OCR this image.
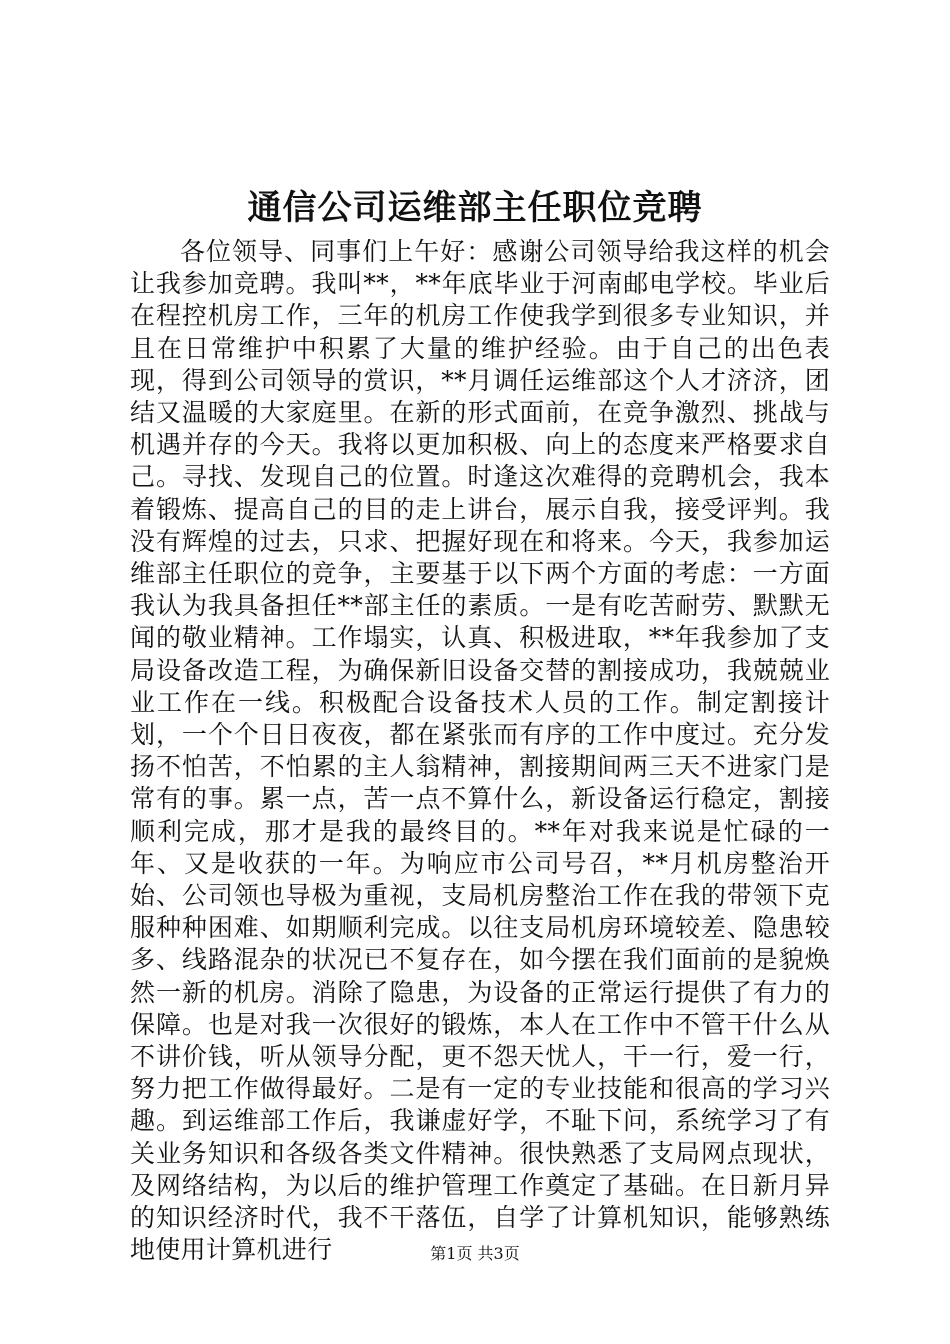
通信公司运维部主任职位竞聘

各位领导、同事们上午好：感谢公司领导给我这样的机会让我参加竞聘。我叫**，**年底毕业于河南邮电学校。毕业后在程控机房工作，三年的机房工作使我学到很多专业知识，并且在日常维护中积累了大量的维护经验。由于自己的出色表现，得到公司领导的赏识，**月调任运维部这个人才济济，团结又温暖的大家庭里。在新的形式面前，在竞争激烈、挑战与机遇并存的今天。我将以更加积极、向上的态度来严格要求自己。寻找、发现自己的位置。时逢这次难得的竞聘机会，我本着锻炼、提高自己的目的走上讲台，展示自我，接受评判。我没有辉煌的过去，只求、把握好现在和将来。今天，我参加运维部主任职位的竞争，主要基于以下两个方面的考虑：一方面我认为我具备担任**部主任的素质。一是有吃苦耐劳、默默无闻的敬业精神。工作塌实，认真、积极进取，**年我参加了支局设备改造工程，为确保新旧设备交替的割接成功，我兢兢业业工作在一线。积极配合设备技术人员的工作。制定割接计划，一个个日日夜夜，都在紧张而有序的工作中度过。充分发扬不怕苦，不怕累的主人翁精神，割接期间两三天不进家门是常有的事。累一点，苦一点不算什么，新设备运行稳定，割接顺利完成，那才是我的最终目的。**年对我来说是忙碌的一年、又是收获的一年。为响应市公司号召，**月机房整治开始、公司领也导极为重视，支局机房整治工作在我的带领下克服种种困难、如期顺利完成。以往支局机房环境较差、隐患较多、线路混杂的状况已不复存在，如今摆在我们面前的是貌焕然一新的机房。消除了隐患，为设备的正常运行提供了有力的保障。也是对我一次很好的锻炼，本人在工作中不管干什么从不讲价钱，听从领导分配，更不怨天忧人，干一行，爱一行，努力把工作做得最好。二是有一定的专业技能和很高的学习兴趣。到运维部工作后，我谦虚好学，不耻下问，系统学习了有关业务知识和各级各类文件精神。很快熟悉了支局网点现状，及网络结构，为以后的维护管理工作奠定了基础。在日新月异的知识经济时代，我不干落伍，自学了计算机知识，能够熟练地使用计算机进行	第1页 共3页
